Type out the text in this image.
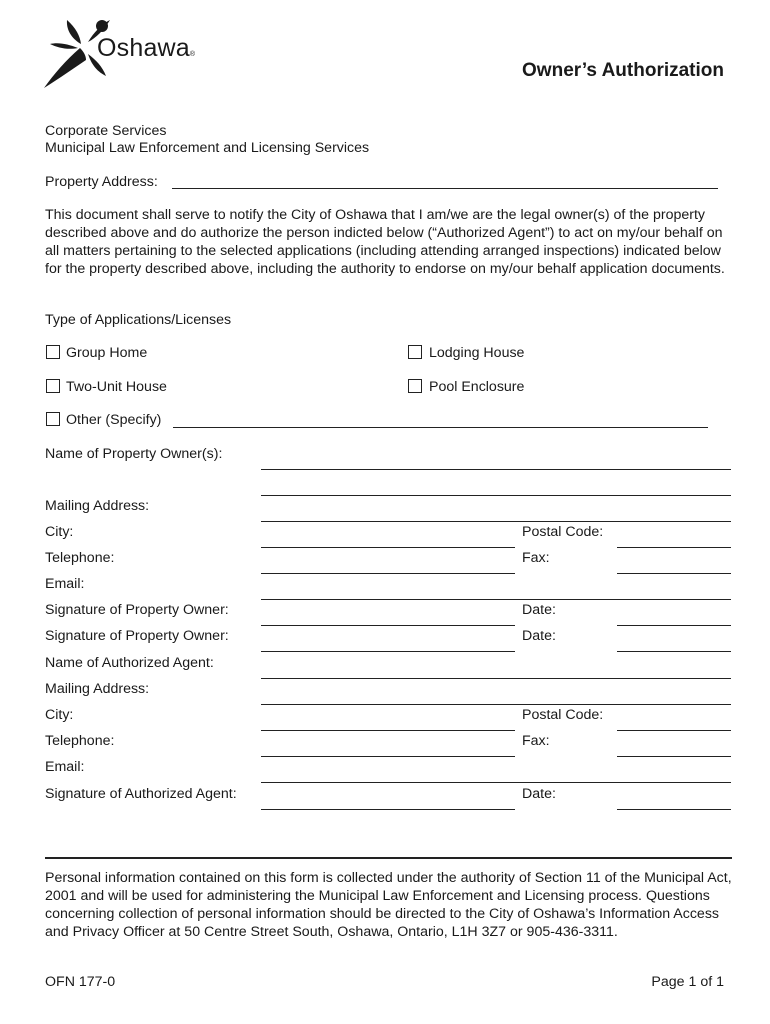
Oshawa®
Owner’s Authorization
Corporate Services
Municipal Law Enforcement and Licensing Services
Property Address:
This document shall serve to notify the City of Oshawa that I am/we are the legal owner(s) of the property described above and do authorize the person indicted below (“Authorized Agent”) to act on my/our behalf on all matters pertaining to the selected applications (including attending arranged inspections) indicated below for the property described above, including the authority to endorse on my/our behalf application documents.
Type of Applications/Licenses
Group Home	Lodging House
Two-Unit House	Pool Enclosure
Other (Specify)
Name of Property Owner(s):
Mailing Address:
City:	Postal Code:
Telephone:	Fax:
Email:
Signature of Property Owner:	Date:
Signature of Property Owner:	Date:
Name of Authorized Agent:
Mailing Address:
City:	Postal Code:
Telephone:	Fax:
Email:
Signature of Authorized Agent:	Date:
Personal information contained on this form is collected under the authority of Section 11 of the Municipal Act, 2001 and will be used for administering the Municipal Law Enforcement and Licensing process. Questions concerning collection of personal information should be directed to the City of Oshawa’s Information Access and Privacy Officer at 50 Centre Street South, Oshawa, Ontario, L1H 3Z7 or 905-436-3311.
OFN 177-0	Page 1 of 1
